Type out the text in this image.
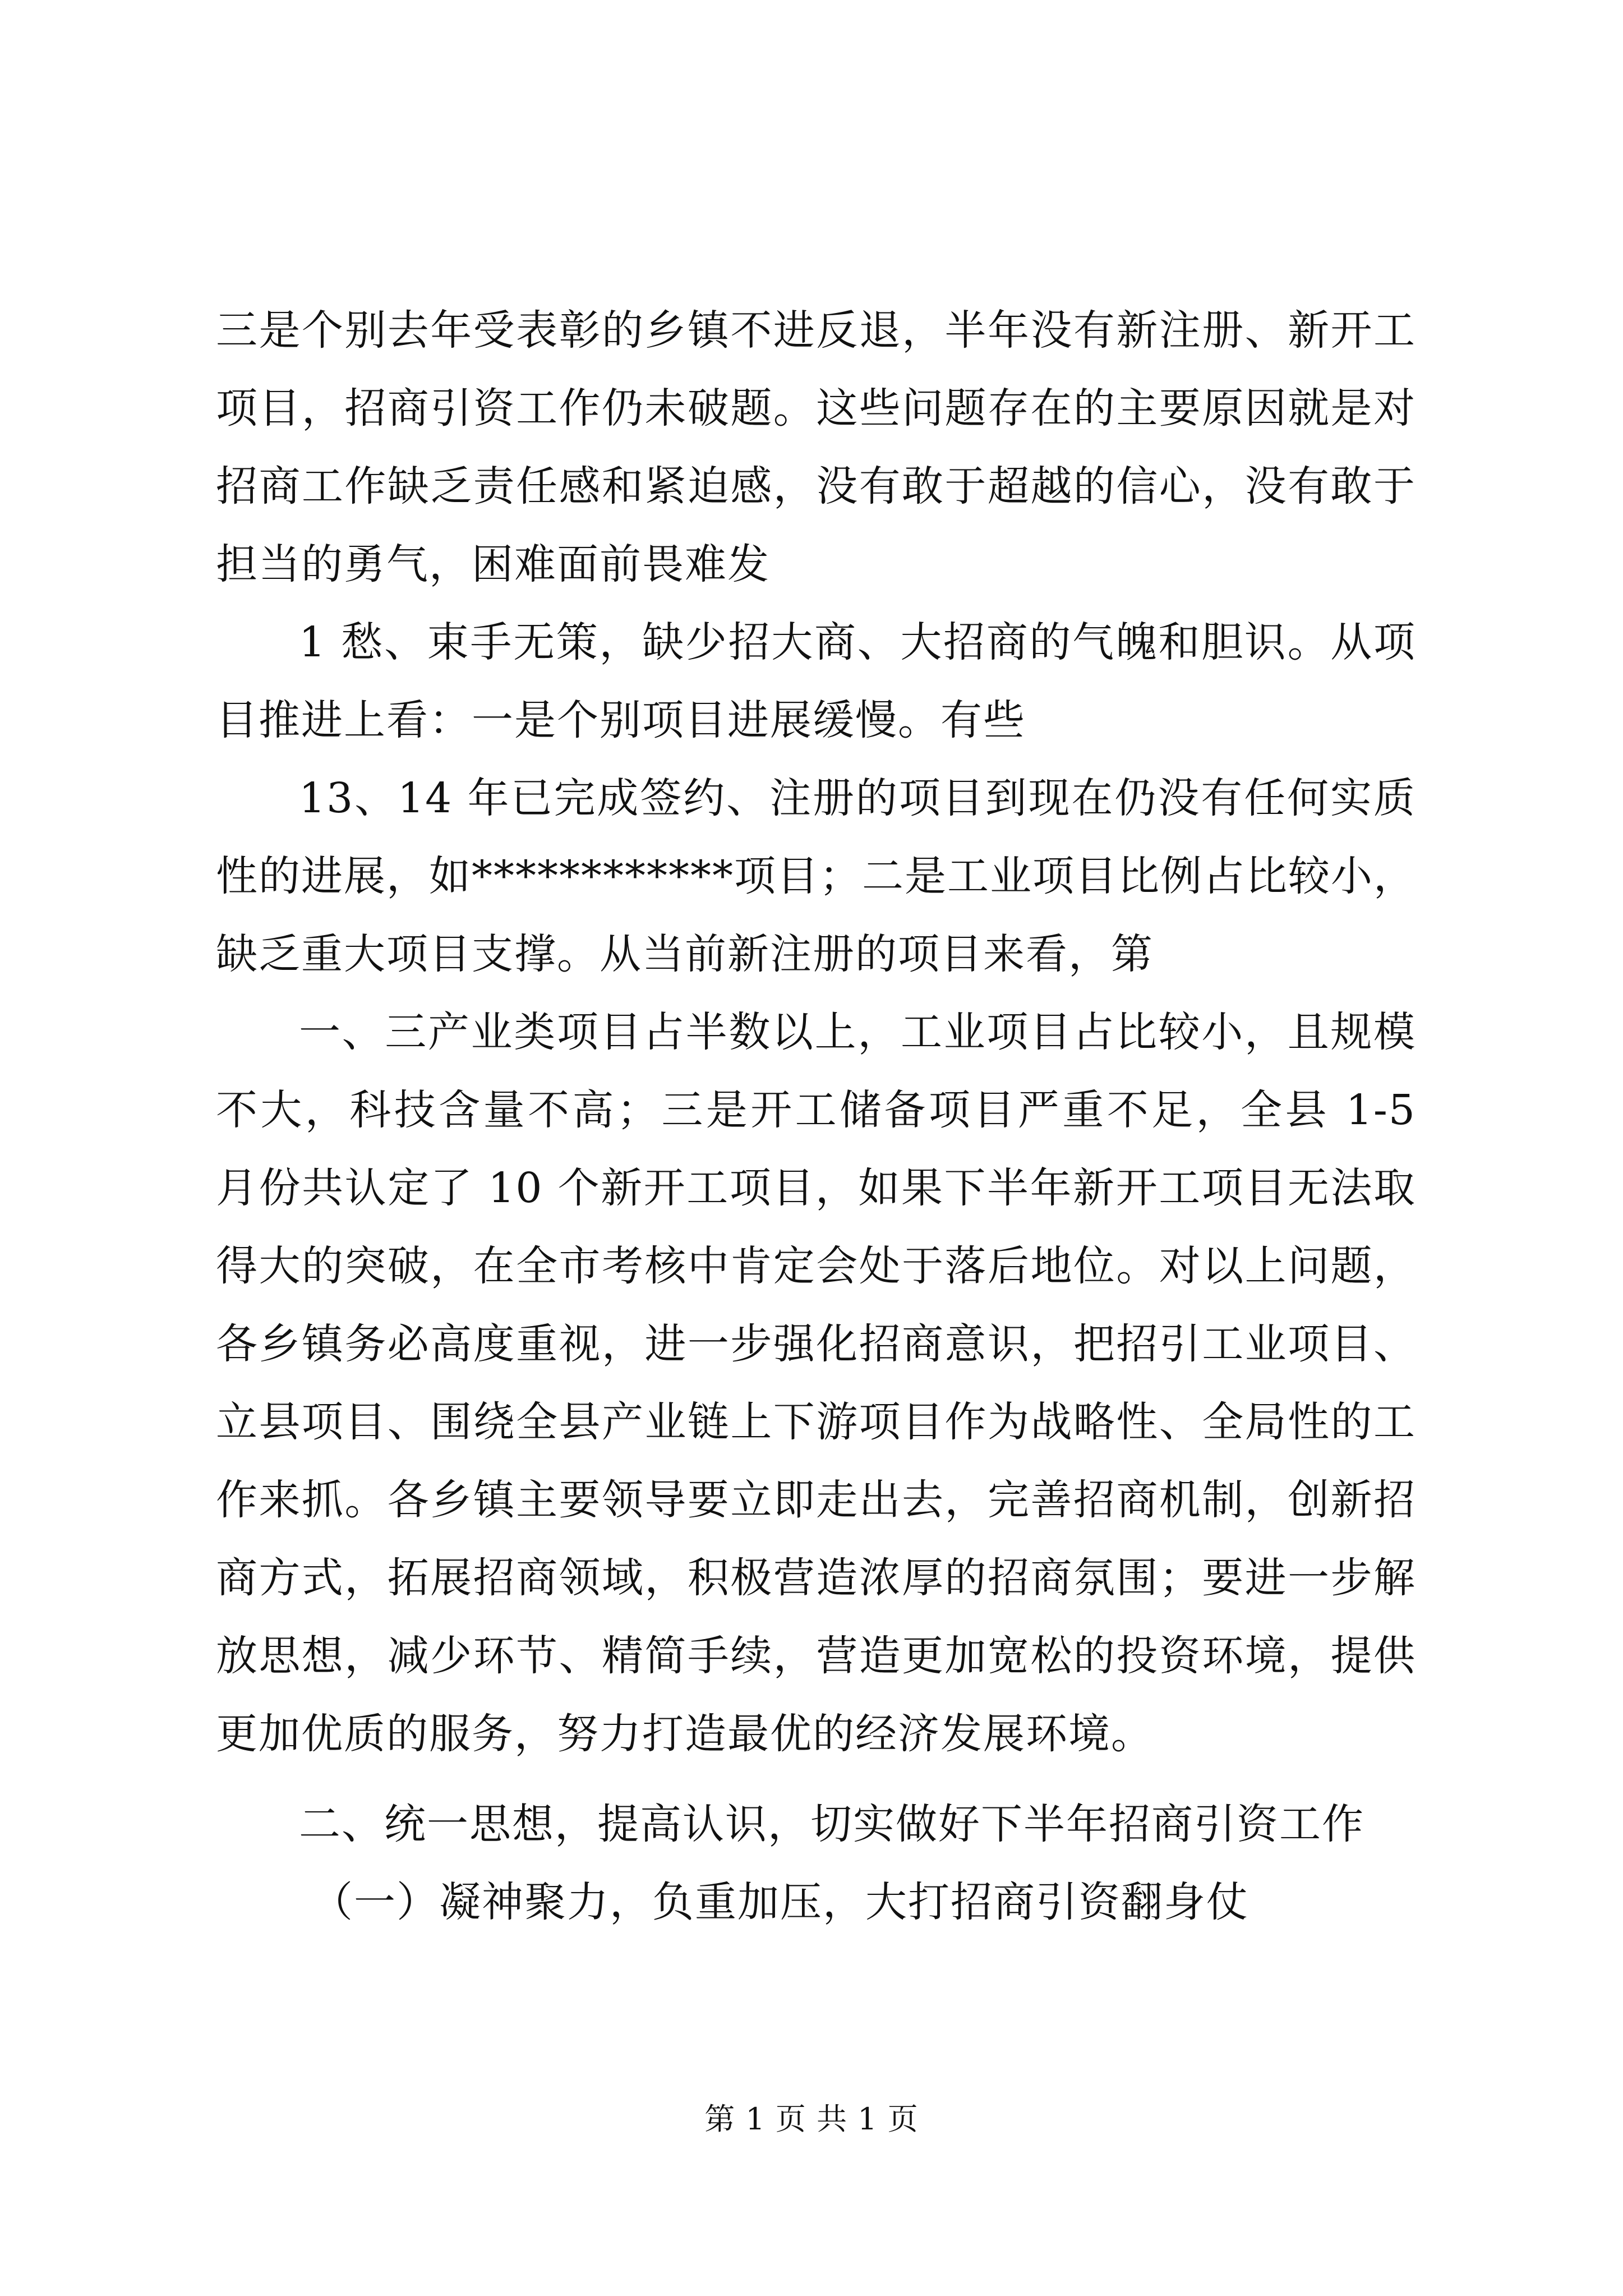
三是个别去年受表彰的乡镇不进反退，半年没有新注册、新开工项目，招商引资工作仍未破题。这些问题存在的主要原因就是对招商工作缺乏责任感和紧迫感，没有敢于超越的信心，没有敢于担当的勇气，困难面前畏难发

1 愁、束手无策，缺少招大商、大招商的气魄和胆识。从项目推进上看：一是个别项目进展缓慢。有些

13、14 年已完成签约、注册的项目到现在仍没有任何实质性的进展，如************项目；二是工业项目比例占比较小，缺乏重大项目支撑。从当前新注册的项目来看，第

一、三产业类项目占半数以上，工业项目占比较小，且规模不大，科技含量不高；三是开工储备项目严重不足，全县 1-5 月份共认定了 10 个新开工项目，如果下半年新开工项目无法取得大的突破，在全市考核中肯定会处于落后地位。对以上问题，各乡镇务必高度重视，进一步强化招商意识，把招引工业项目、立县项目、围绕全县产业链上下游项目作为战略性、全局性的工作来抓。各乡镇主要领导要立即走出去，完善招商机制，创新招商方式，拓展招商领域，积极营造浓厚的招商氛围；要进一步解放思想，减少环节、精简手续，营造更加宽松的投资环境，提供更加优质的服务，努力打造最优的经济发展环境。

二、统一思想，提高认识，切实做好下半年招商引资工作

（一）凝神聚力，负重加压，大打招商引资翻身仗

第 1 页 共 1 页
